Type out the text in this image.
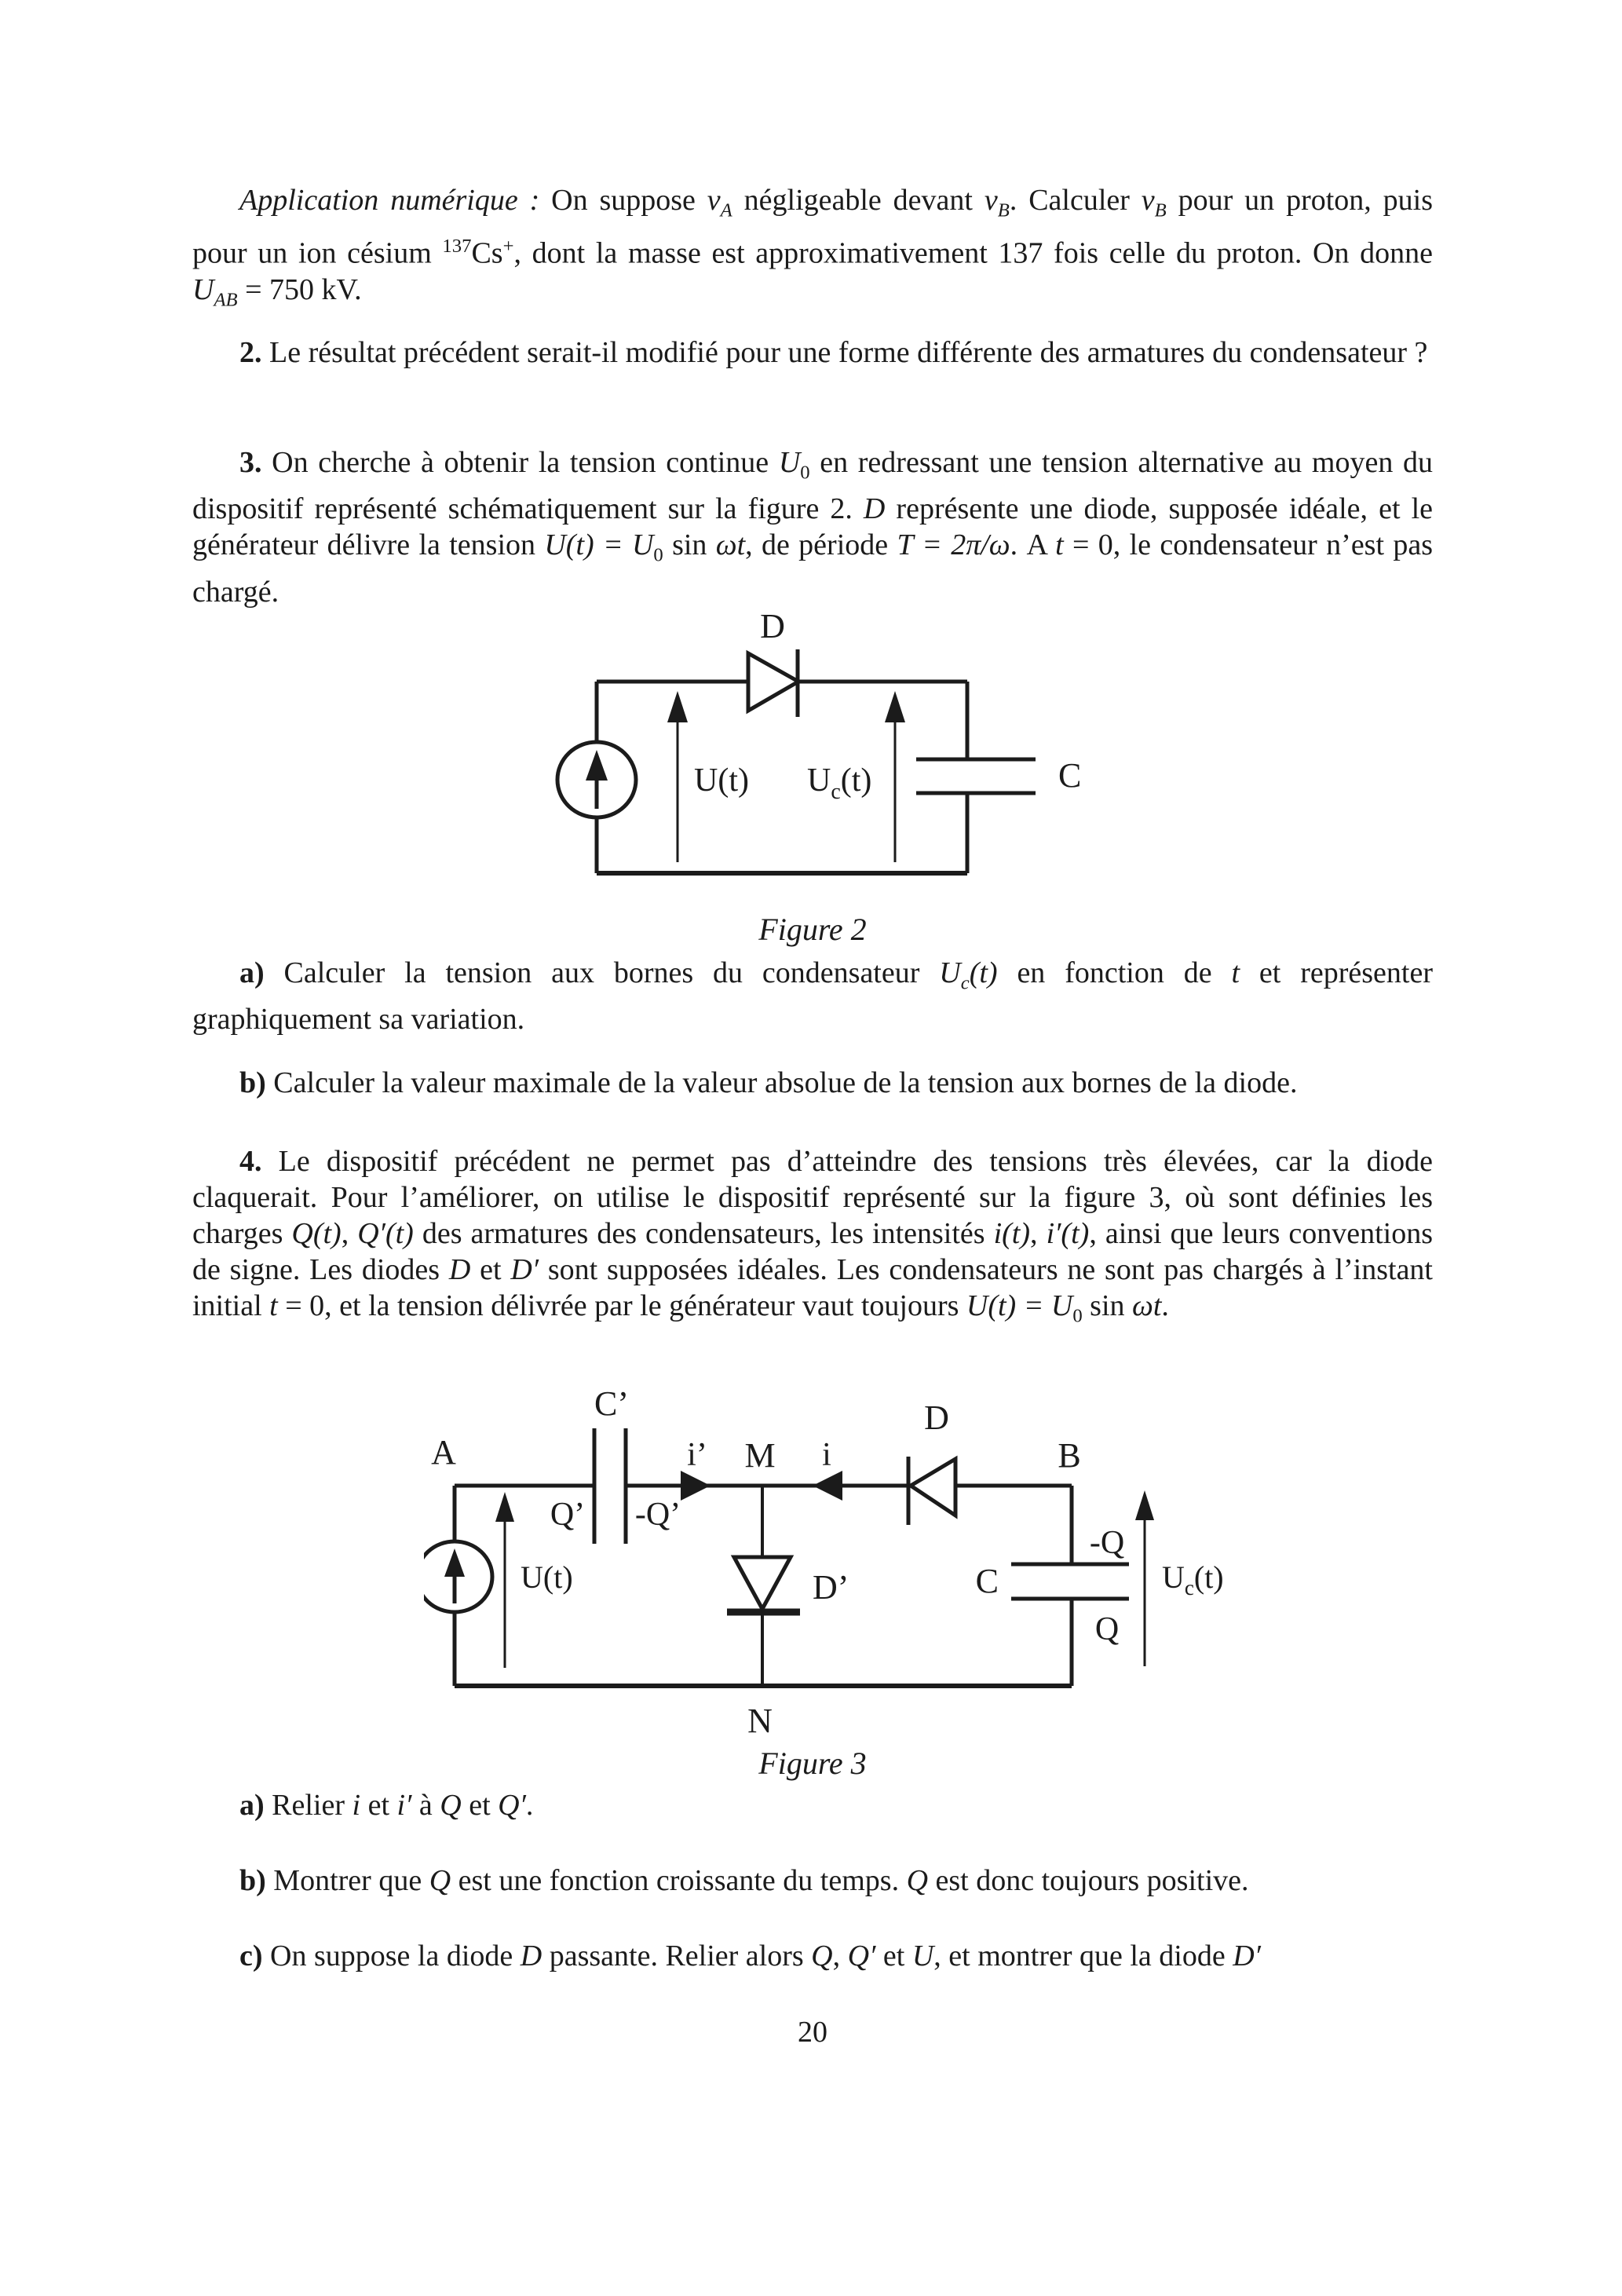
Application numérique : On suppose $v_A$ négligeable devant $v_B$. Calculer $v_B$ pour un proton, puis pour un ion césium $^{137}$Cs+, dont la masse est approximativement 137 fois celle du proton. On donne $U_{AB} = 750$ kV.

2. Le résultat précédent serait-il modifié pour une forme différente des armatures du condensateur ?

3. On cherche à obtenir la tension continue $U_0$ en redressant une tension alternative au moyen du dispositif représenté schématiquement sur la figure 2. D représente une diode, supposée idéale, et le générateur délivre la tension $U(t) = U_0$ sin ωt, de période T = 2π/ω. A t = 0, le condensateur n’est pas chargé.

D
U(t) $U_c(t)$	C

Figure 2

a) Calculer la tension aux bornes du condensateur $U_c(t)$ en fonction de t et représenter graphiquement sa variation.

b) Calculer la valeur maximale de la valeur absolue de la tension aux bornes de la diode.

4. Le dispositif précédent ne permet pas d’atteindre des tensions très élevées, car la diode claquerait. Pour l’améliorer, on utilise le dispositif représenté sur la figure 3, où sont définies les charges Q(t), Q′(t) des armatures des condensateurs, les intensités i(t), i′(t), ainsi que leurs conventions de signe. Les diodes D et D′ sont supposées idéales. Les condensateurs ne sont pas chargés à l’instant initial t = 0, et la tension délivrée par le générateur vaut toujours $U(t) = U_0$ sin ωt.

A	B
U(t)
C’
Q’ -Q’
i’ M i
D
D’
N
C
-Q
Q
$U_c(t)$

Figure 3

a) Relier i et i′ à Q et Q′.

b) Montrer que Q est une fonction croissante du temps. Q est donc toujours positive.

c) On suppose la diode D passante. Relier alors Q, Q′ et U, et montrer que la diode D′

20
